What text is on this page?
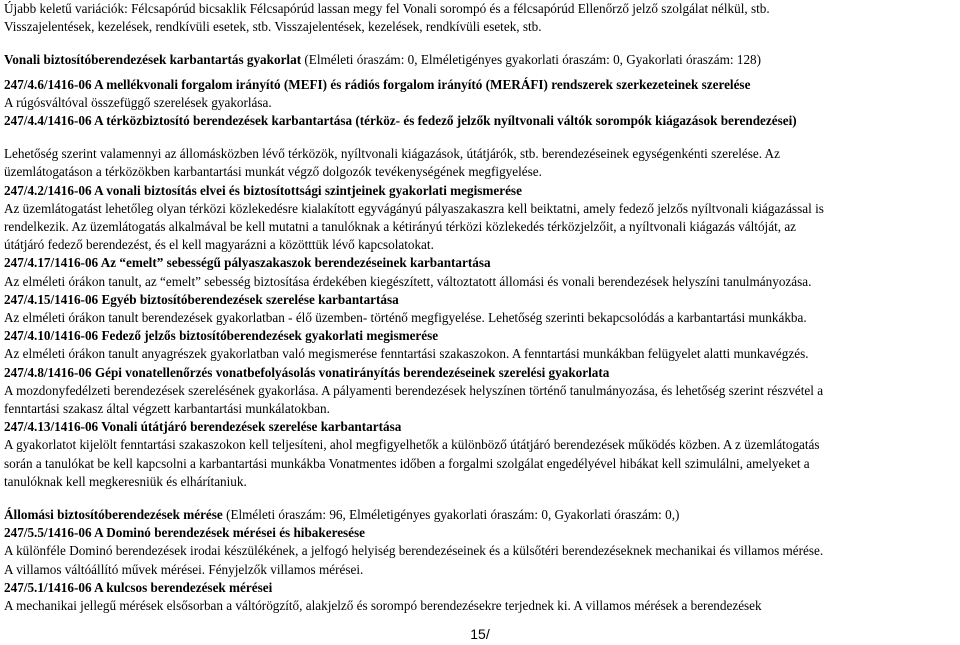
Újabb keletű variációk: Félcsapórúd bicsaklik Félcsapórúd lassan megy fel Vonali sorompó és a félcsapórúd Ellenőrző jelző szolgálat nélkül, stb.
Visszajelentések, kezelések, rendkívüli esetek, stb. Visszajelentések, kezelések, rendkívüli esetek, stb.
Vonali biztosítóberendezések karbantartás gyakorlat (Elméleti óraszám: 0, Elméletigényes gyakorlati óraszám: 0, Gyakorlati óraszám: 128)
247/4.6/1416-06 A mellékvonali forgalom irányító (MEFI) és rádiós forgalom irányító (MERÁFI) rendszerek szerkezeteinek szerelése
A rúgósváltóval összefüggő szerelések gyakorlása.
247/4.4/1416-06 A térközbiztosító berendezések karbantartása (térköz- és fedező jelzők nyíltvonali váltók sorompók kiágazások berendezései)
Lehetőség szerint valamennyi az állomásközben lévő térközök, nyíltvonali kiágazások, útátjárók, stb. berendezéseinek egységenkénti szerelése. Az
üzemlátogatáson a térközökben karbantartási munkát végző dolgozók tevékenységének megfigyelése.
247/4.2/1416-06 A vonali biztosítás elvei és biztosítottsági szintjeinek gyakorlati megismerése
Az üzemlátogatást lehetőleg olyan térközi közlekedésre kialakított egyvágányú pályaszakaszra kell beiktatni, amely fedező jelzős nyíltvonali kiágazással is
rendelkezik. Az üzemlátogatás alkalmával be kell mutatni a tanulóknak a kétirányú térközi közlekedés térközjelzőit, a nyíltvonali kiágazás váltóját, az
útátjáró fedező berendezést, és el kell magyarázni a közötttük lévő kapcsolatokat.
247/4.17/1416-06 Az “emelt” sebességű pályaszakaszok berendezéseinek karbantartása
Az elméleti órákon tanult, az “emelt” sebesség biztosítása érdekében kiegészített, változtatott állomási és vonali berendezések helyszíni tanulmányozása.
247/4.15/1416-06 Egyéb biztosítóberendezések szerelése karbantartása
Az elméleti órákon tanult berendezések gyakorlatban - élő üzemben- történő megfigyelése. Lehetőség szerinti bekapcsolódás a karbantartási munkákba.
247/4.10/1416-06 Fedező jelzős biztosítóberendezések gyakorlati megismerése
Az elméleti órákon tanult anyagrészek gyakorlatban való megismerése fenntartási szakaszokon. A fenntartási munkákban felügyelet alatti munkavégzés.
247/4.8/1416-06 Gépi vonatellenőrzés vonatbefolyásolás vonatirányítás berendezéseinek szerelési gyakorlata
A mozdonyfedélzeti berendezések szerelésének gyakorlása. A pályamenti berendezések helyszínen történő tanulmányozása, és lehetőség szerint részvétel a
fenntartási szakasz által végzett karbantartási munkálatokban.
247/4.13/1416-06 Vonali útátjáró berendezések szerelése karbantartása
A gyakorlatot kijelölt fenntartási szakaszokon kell teljesíteni, ahol megfigyelhetők a különböző útátjáró berendezések működés közben. A z üzemlátogatás
során a tanulókat be kell kapcsolni a karbantartási munkákba Vonatmentes időben a forgalmi szolgálat engedélyével hibákat kell szimulálni, amelyeket a
tanulóknak kell megkeresniük és elhárítaniuk.
Állomási biztosítóberendezések mérése (Elméleti óraszám: 96, Elméletigényes gyakorlati óraszám: 0, Gyakorlati óraszám: 0,)
247/5.5/1416-06 A Dominó berendezések mérései és hibakeresése
A különféle Dominó berendezések irodai készülékének, a jelfogó helyiség berendezéseinek és a külsőtéri berendezéseknek mechanikai és villamos mérése.
A villamos váltóállító művek mérései. Fényjelzők villamos mérései.
247/5.1/1416-06 A kulcsos berendezések mérései
A mechanikai jellegű mérések elsősorban a váltórögzítő, alakjelző és sorompó berendezésekre terjednek ki. A villamos mérések a berendezések
15/
